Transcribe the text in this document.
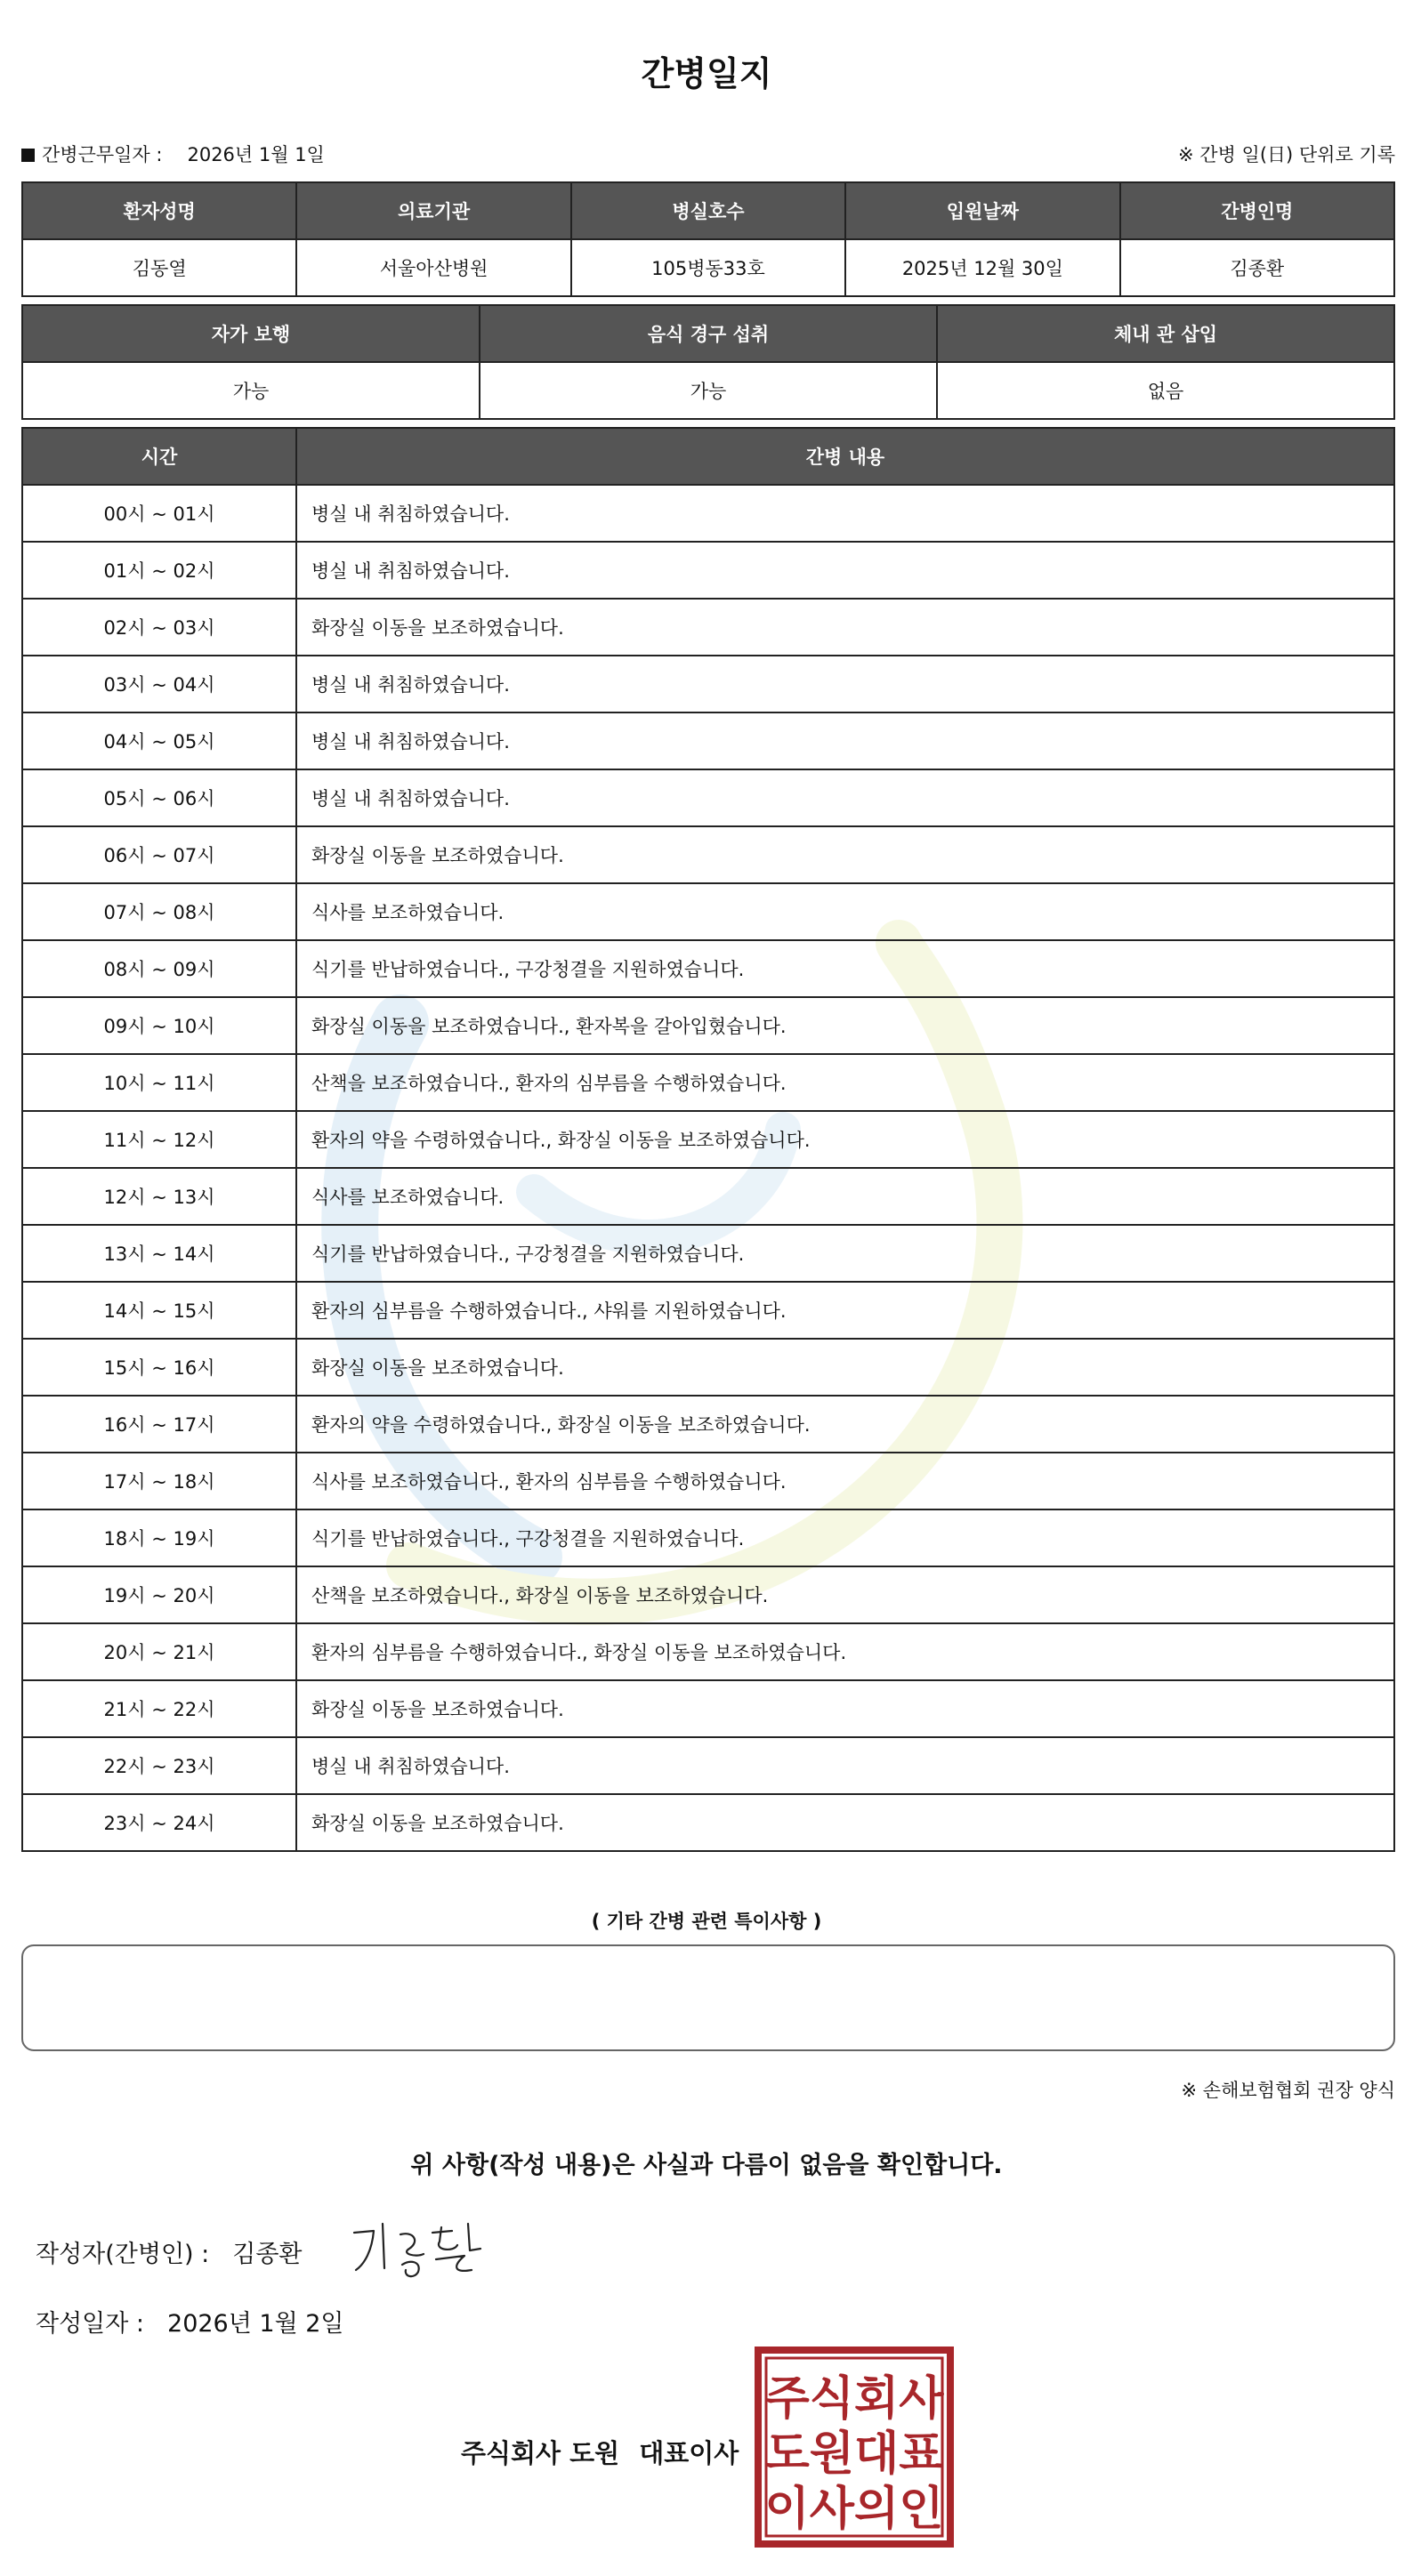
간병일지
간병근무일자 : 2026년 1월 1일	※ 간병 일(日) 단위로 기록
환자성명	의료기관	병실호수	입원날짜	간병인명
김동열	서울아산병원	105병동33호	2025년 12월 30일	김종환
자가 보행	음식 경구 섭취	체내 관 삽입
가능	가능	없음
시간	간병 내용
00시 ~ 01시	병실 내 취침하였습니다.
01시 ~ 02시	병실 내 취침하였습니다.
02시 ~ 03시	화장실 이동을 보조하였습니다.
03시 ~ 04시	병실 내 취침하였습니다.
04시 ~ 05시	병실 내 취침하였습니다.
05시 ~ 06시	병실 내 취침하였습니다.
06시 ~ 07시	화장실 이동을 보조하였습니다.
07시 ~ 08시	식사를 보조하였습니다.
08시 ~ 09시	식기를 반납하였습니다., 구강청결을 지원하였습니다.
09시 ~ 10시	화장실 이동을 보조하였습니다., 환자복을 갈아입혔습니다.
10시 ~ 11시	산책을 보조하였습니다., 환자의 심부름을 수행하였습니다.
11시 ~ 12시	환자의 약을 수령하였습니다., 화장실 이동을 보조하였습니다.
12시 ~ 13시	식사를 보조하였습니다.
13시 ~ 14시	식기를 반납하였습니다., 구강청결을 지원하였습니다.
14시 ~ 15시	환자의 심부름을 수행하였습니다., 샤워를 지원하였습니다.
15시 ~ 16시	화장실 이동을 보조하였습니다.
16시 ~ 17시	환자의 약을 수령하였습니다., 화장실 이동을 보조하였습니다.
17시 ~ 18시	식사를 보조하였습니다., 환자의 심부름을 수행하였습니다.
18시 ~ 19시	식기를 반납하였습니다., 구강청결을 지원하였습니다.
19시 ~ 20시	산책을 보조하였습니다., 화장실 이동을 보조하였습니다.
20시 ~ 21시	환자의 심부름을 수행하였습니다., 화장실 이동을 보조하였습니다.
21시 ~ 22시	화장실 이동을 보조하였습니다.
22시 ~ 23시	병실 내 취침하였습니다.
23시 ~ 24시	화장실 이동을 보조하였습니다.
( 기타 간병 관련 특이사항 )
※ 손해보험협회 권장 양식
위 사항(작성 내용)은 사실과 다름이 없음을 확인합니다.
작성자(간병인) : 김종환
작성일자 : 2026년 1월 2일
주식회사 도원 대표이사
주식회사
도원대표
이사의인
